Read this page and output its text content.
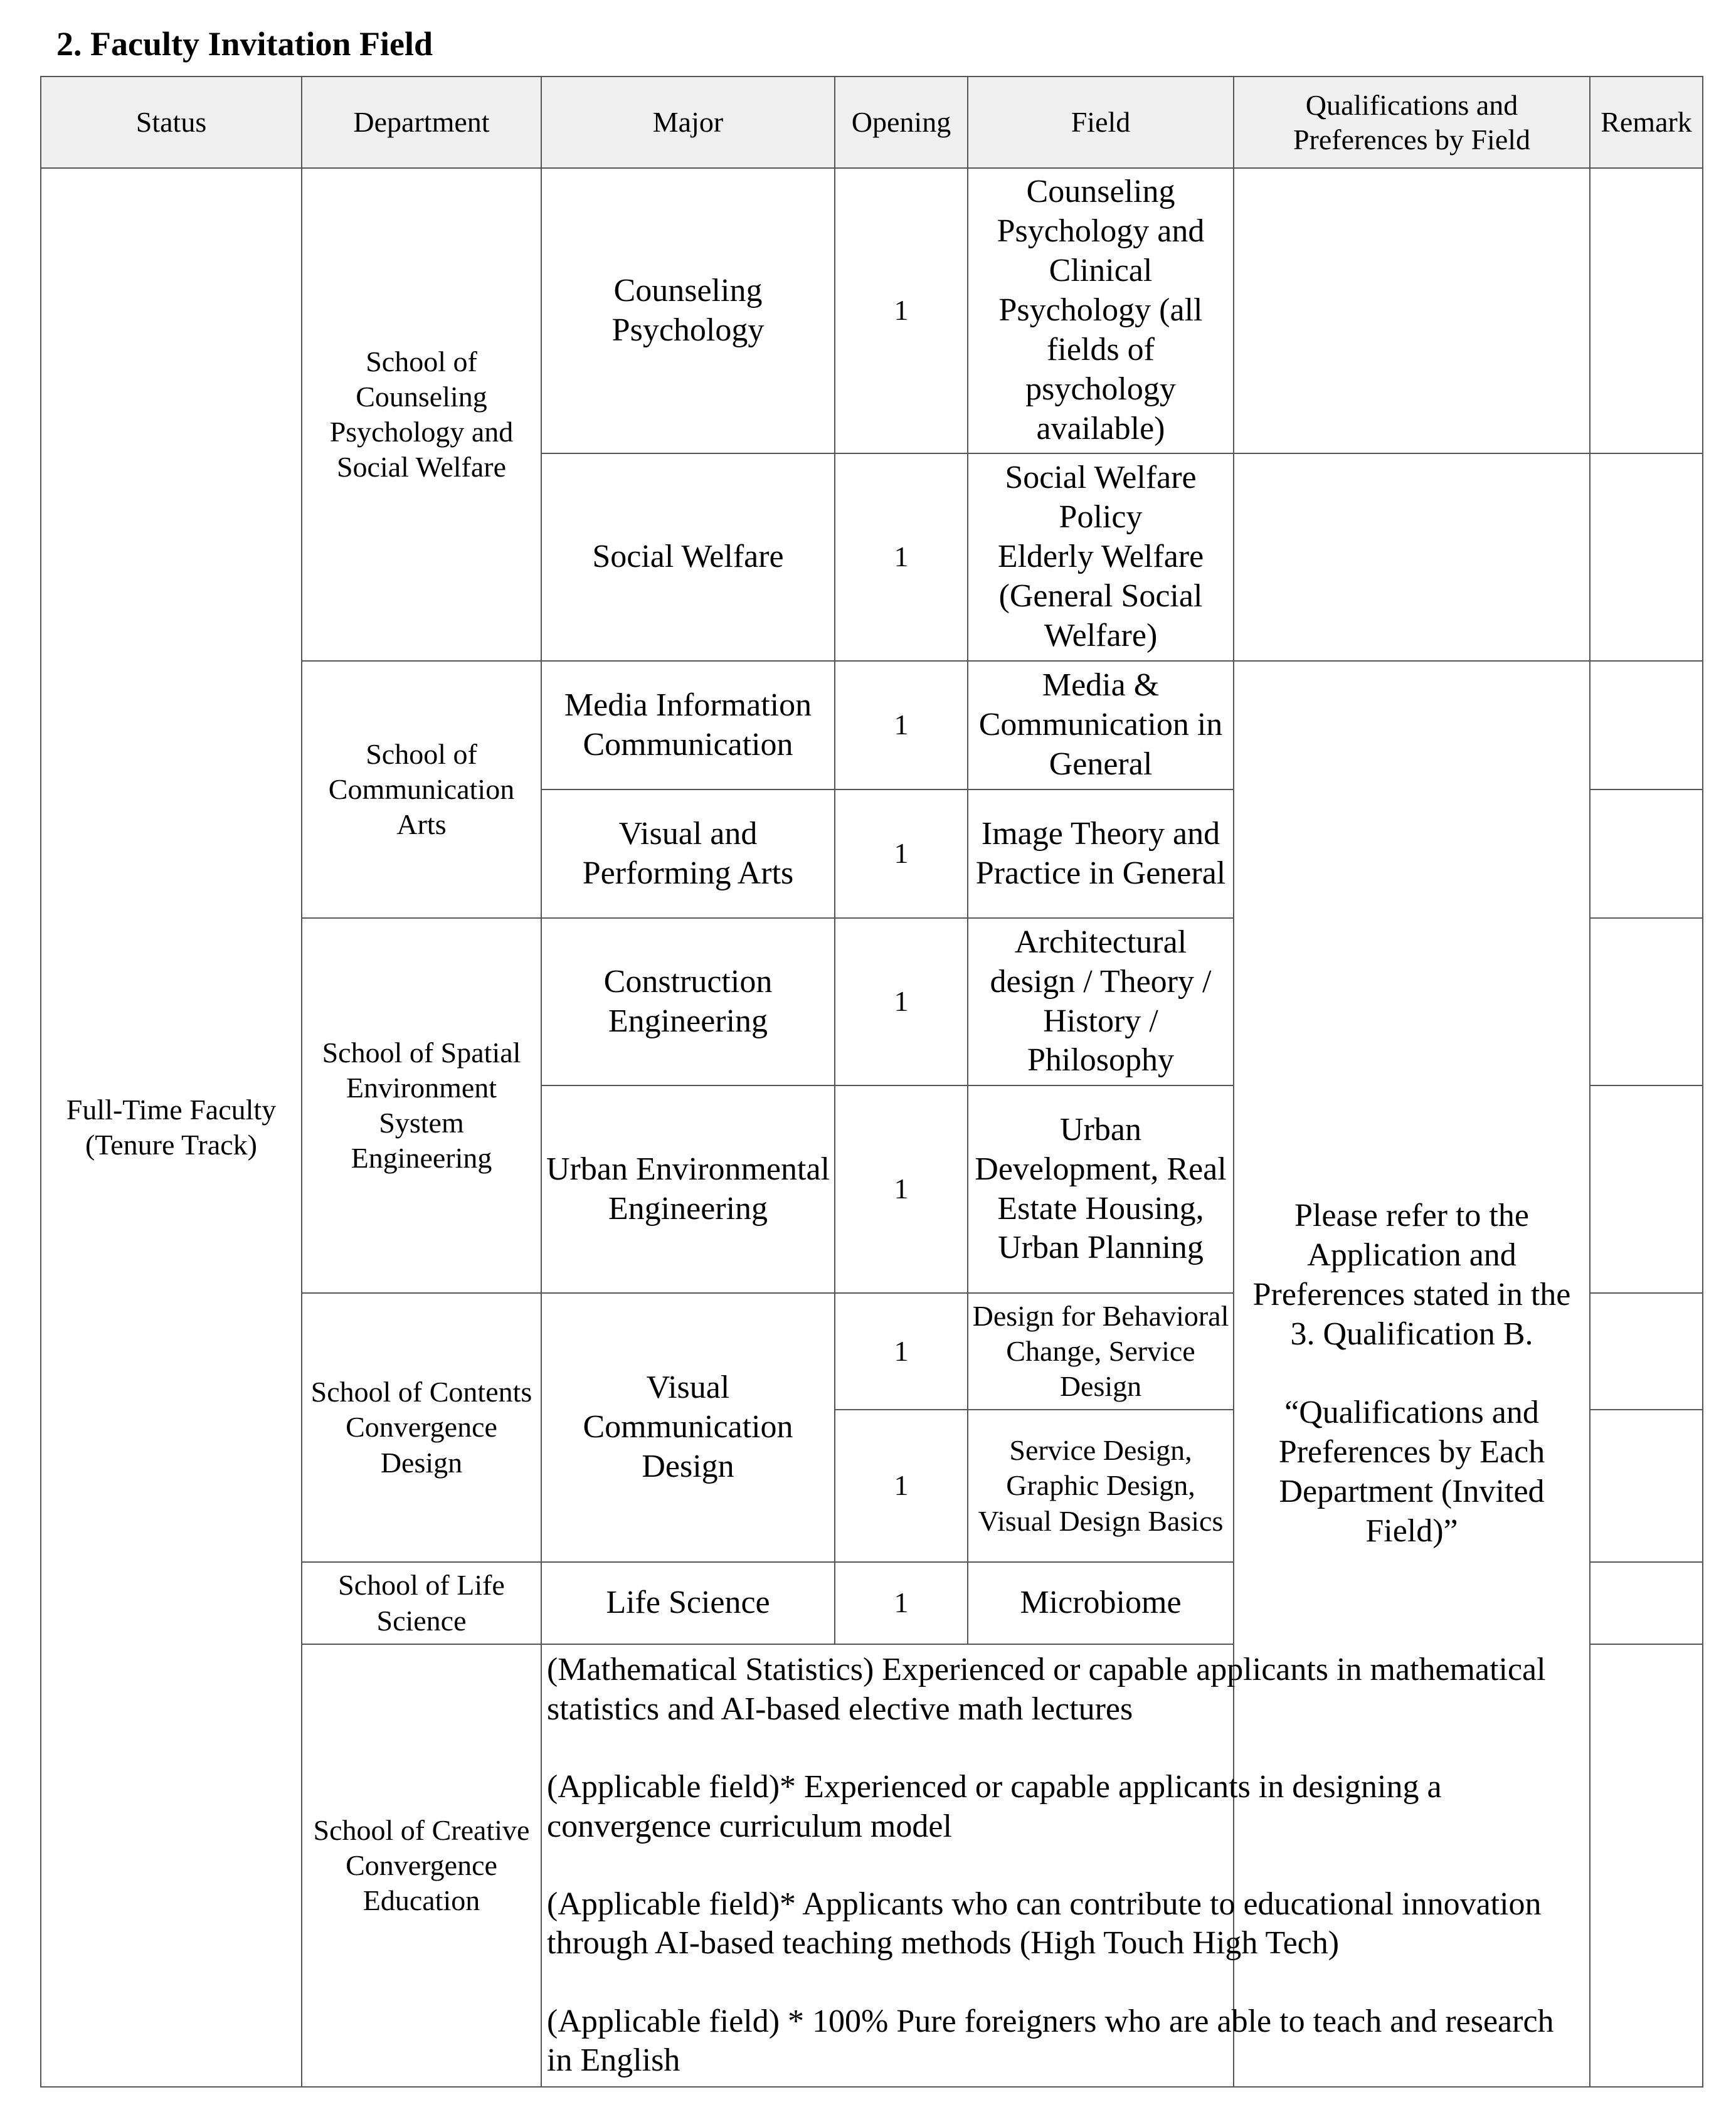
2. Faculty Invitation Field
Status	Department	Major	Opening	Field	Qualifications and Preferences by Field	Remark
Full-Time Faculty (Tenure Track)	School of Counseling Psychology and Social Welfare	Counseling Psychology	1	Counseling Psychology and Clinical Psychology (all fields of psychology available)		
		Social Welfare	1	Social Welfare Policy
Elderly Welfare (General Social Welfare)		
	School of Communication Arts	Media Information Communication	1	Media & Communication in General	Please refer to the Application and Preferences stated in the 3. Qualification B.
“Qualifications and Preferences by Each Department (Invited Field)”	

		Visual and Performing Arts	1	Image Theory and Practice in General		
	School of Spatial Environment System Engineering	Construction Engineering	1	Architectural design / Theory / History / Philosophy		
		Urban Environmental Engineering	1	Urban Development, Real Estate Housing, Urban Planning		
	School of Contents Convergence Design	Visual Communication Design	1	Design for Behavioral Change, Service Design		
			1	Service Design, Graphic Design, Visual Design Basics		
	School of Life Science	Life Science	1	Microbiome		
	School of Creative Convergence Education	(Mathematical Statistics) Experienced or capable applicants in mathematical statistics and AI-based elective math lectures

(Applicable field)* Experienced or capable applicants in designing a convergence curriculum model

(Applicable field)* Applicants who can contribute to educational innovation through AI-based teaching methods (High Touch High Tech)

(Applicable field) * 100% Pure foreigners who are able to teach and research in English				
